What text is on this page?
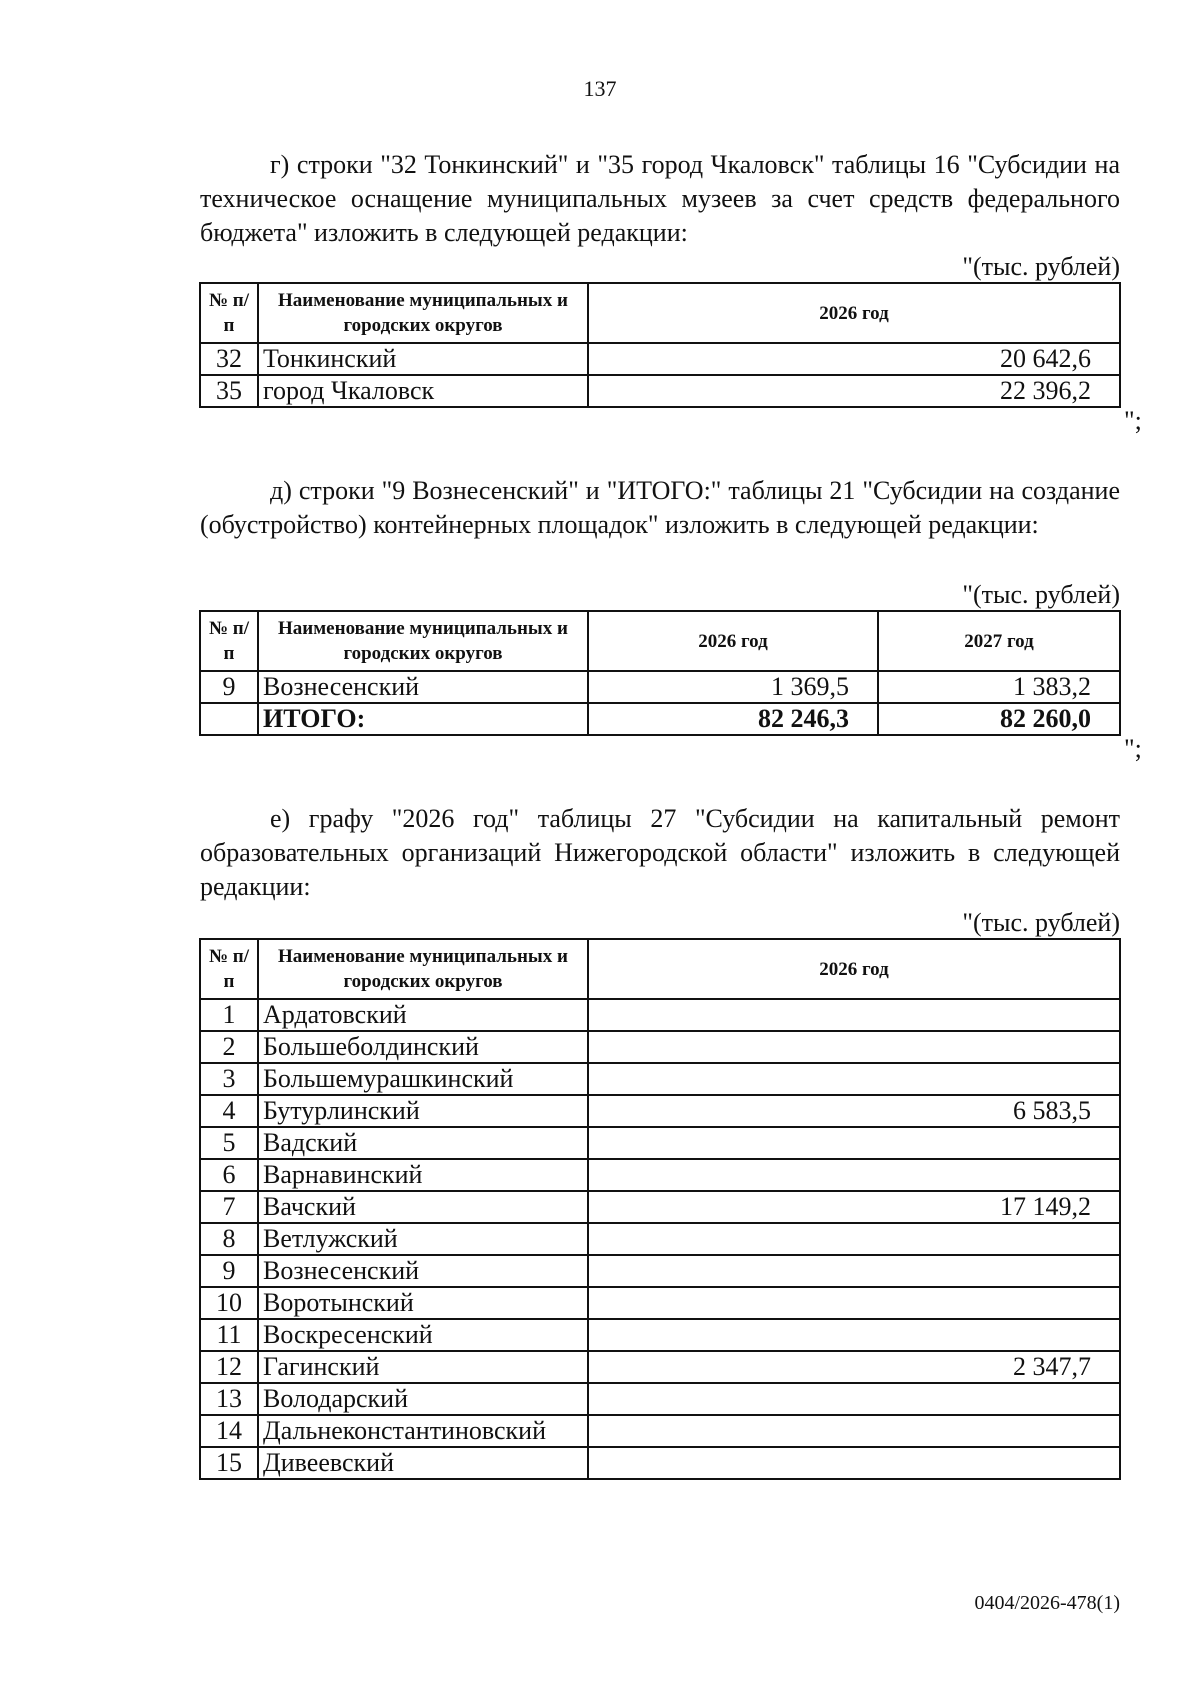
137

г) строки "32 Тонкинский" и "35 город Чкаловск" таблицы 16 "Субсидии на техническое оснащение муниципальных музеев за счет средств федерального бюджета" изложить в следующей редакции:

"(тыс. рублей)
№ п/п	Наименование муниципальных и городских округов	2026 год
32	Тонкинский	20 642,6
35	город Чкаловск	22 396,2
";

д) строки "9 Вознесенский" и "ИТОГО:" таблицы 21 "Субсидии на создание (обустройство) контейнерных площадок" изложить в следующей редакции:

"(тыс. рублей)
№ п/п	Наименование муниципальных и городских округов	2026 год	2027 год
9	Вознесенский	1 369,5	1 383,2
	ИТОГО:	82 246,3	82 260,0
";

е) графу "2026 год" таблицы 27 "Субсидии на капитальный ремонт образовательных организаций Нижегородской области" изложить в следующей редакции:

"(тыс. рублей)
№ п/п	Наименование муниципальных и городских округов	2026 год
1	Ардатовский	
2	Большеболдинский	
3	Большемурашкинский	
4	Бутурлинский	6 583,5
5	Вадский	
6	Варнавинский	
7	Вачский	17 149,2
8	Ветлужский	
9	Вознесенский	
10	Воротынский	
11	Воскресенский	
12	Гагинский	2 347,7
13	Володарский	
14	Дальнеконстантиновский	
15	Дивеевский	
0404/2026-478(1)
